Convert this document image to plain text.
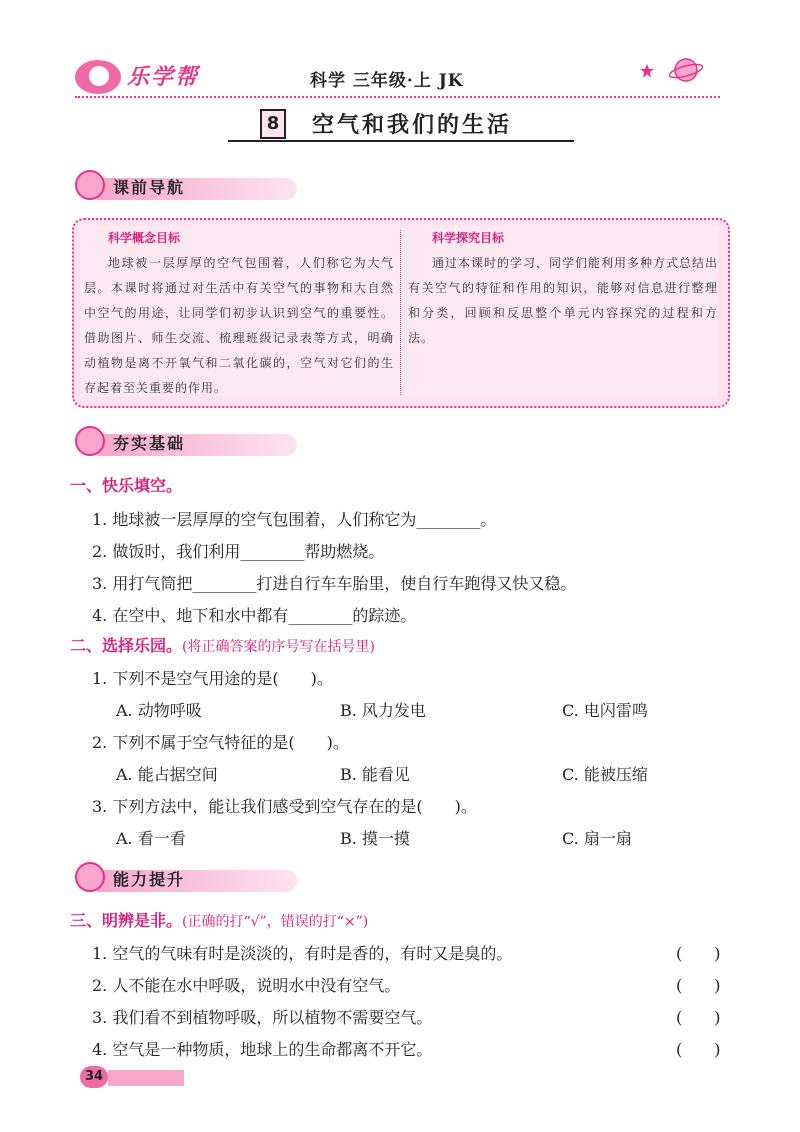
乐学帮	科学 三年级·上 JK
8	空气和我们的生活
课前导航
科学概念目标

地球被一层厚厚的空气包围着，人们称它为大气层。本课时将通过对生活中有关空气的事物和大自然中空气的用途，让同学们初步认识到空气的重要性。借助图片、师生交流、梳理班级记录表等方式，明确动植物是离不开氧气和二氧化碳的，空气对它们的生存起着至关重要的作用。

科学探究目标

通过本课时的学习，同学们能利用多种方式总结出有关空气的特征和作用的知识，能够对信息进行整理和分类，回顾和反思整个单元内容探究的过程和方法。

夯实基础
一、快乐填空。
1. 地球被一层厚厚的空气包围着，人们称它为________。
2. 做饭时，我们利用________帮助燃烧。
3. 用打气筒把________打进自行车车胎里，使自行车跑得又快又稳。
4. 在空中、地下和水中都有________的踪迹。
二、选择乐园。(将正确答案的序号写在括号里)
1. 下列不是空气用途的是(　　)。
A. 动物呼吸	B. 风力发电	C. 电闪雷鸣
2. 下列不属于空气特征的是(　　)。
A. 能占据空间	B. 能看见	C. 能被压缩
3. 下列方法中，能让我们感受到空气存在的是(　　)。
A. 看一看	B. 摸一摸	C. 扇一扇
能力提升
三、明辨是非。(正确的打“√”，错误的打“×”)
1. 空气的气味有时是淡淡的，有时是香的，有时又是臭的。	(　　)
2. 人不能在水中呼吸，说明水中没有空气。	(　　)
3. 我们看不到植物呼吸，所以植物不需要空气。	(　　)
4. 空气是一种物质，地球上的生命都离不开它。	(　　)
34
